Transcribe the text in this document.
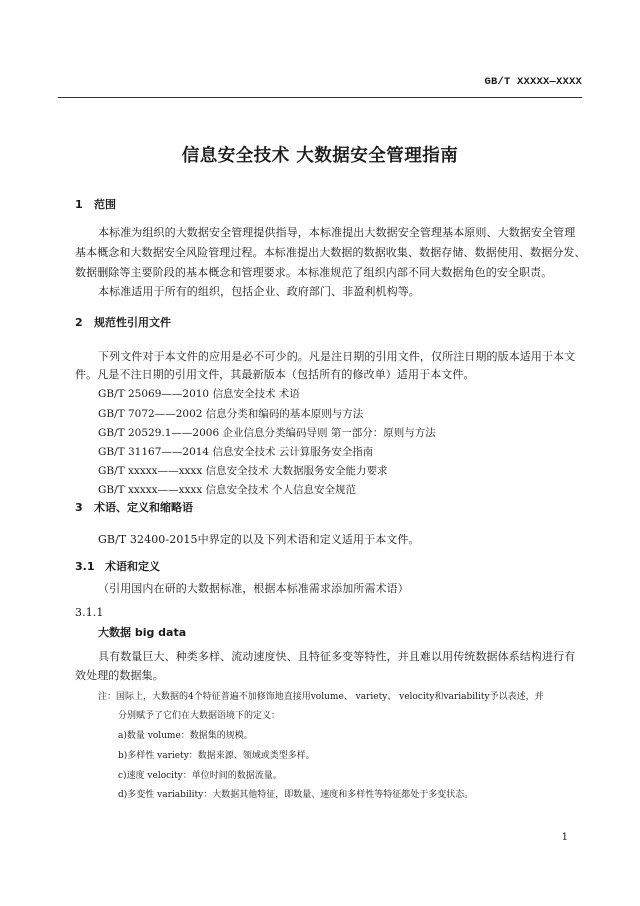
GB/T XXXXX—XXXX
信息安全技术 大数据安全管理指南
1 范围
本标准为组织的大数据安全管理提供指导，本标准提出大数据安全管理基本原则、大数据安全管理
基本概念和大数据安全风险管理过程。本标准提出大数据的数据收集、数据存储、数据使用、数据分发、
数据删除等主要阶段的基本概念和管理要求。本标准规范了组织内部不同大数据角色的安全职责。
本标准适用于所有的组织，包括企业、政府部门、非盈利机构等。
2 规范性引用文件
下列文件对于本文件的应用是必不可少的。凡是注日期的引用文件，仅所注日期的版本适用于本文
件。凡是不注日期的引用文件，其最新版本（包括所有的修改单）适用于本文件。
GB/T 25069——2010 信息安全技术 术语
GB/T 7072——2002 信息分类和编码的基本原则与方法
GB/T 20529.1——2006 企业信息分类编码导则 第一部分：原则与方法
GB/T 31167——2014 信息安全技术 云计算服务安全指南
GB/T xxxxx——xxxx 信息安全技术 大数据服务安全能力要求
GB/T xxxxx——xxxx 信息安全技术 个人信息安全规范
3 术语、定义和缩略语
GB/T 32400-2015中界定的以及下列术语和定义适用于本文件。
3.1 术语和定义
（引用国内在研的大数据标准，根据本标准需求添加所需术语）
3.1.1
大数据 big data
具有数量巨大、种类多样、流动速度快、且特征多变等特性，并且难以用传统数据体系结构进行有
效处理的数据集。
注：国际上，大数据的4个特征普遍不加修饰地直接用volume、 variety、 velocity和variability予以表述，并
分别赋予了它们在大数据语境下的定义：
a)数量 volume：数据集的规模。
b)多样性 variety：数据来源、领域或类型多样。
c)速度 velocity：单位时间的数据流量。
d)多变性 variability：大数据其他特征，即数量、速度和多样性等特征都处于多变状态。
1
